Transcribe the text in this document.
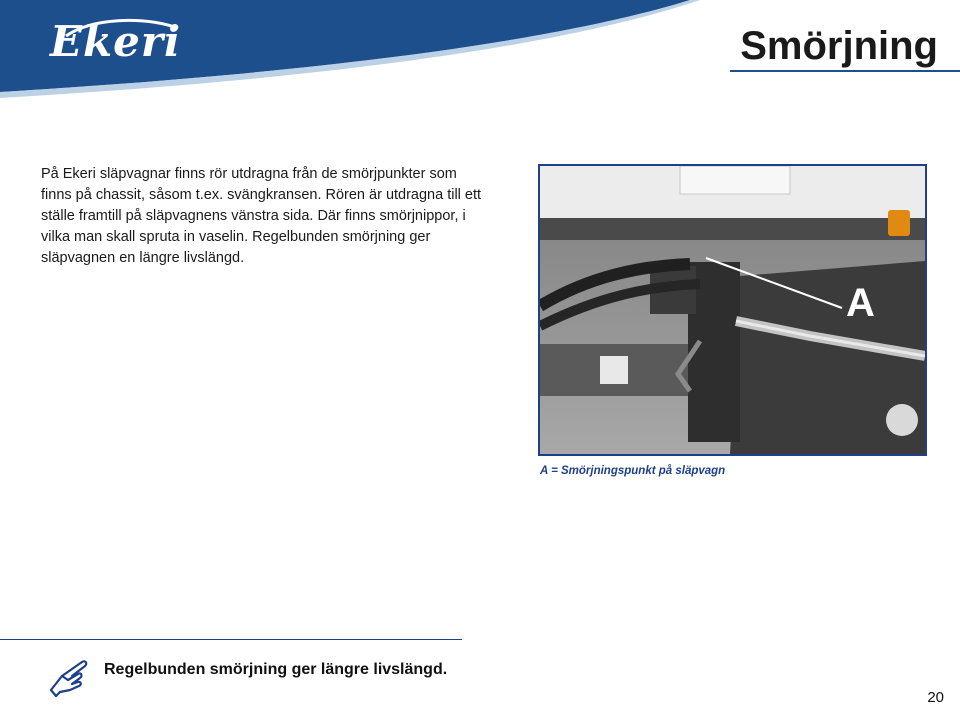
Ekeri	Smörjning

På Ekeri släpvagnar finns rör utdragna från de smörjpunkter som finns på chassit, såsom t.ex. svängkransen. Rören är utdragna till ett ställe framtill på släpvagnens vänstra sida. Där finns smörjnippor, i vilka man skall spruta in vaselin. Regelbunden smörjning ger släpvagnen en längre livslängd.

A
A = Smörjningspunkt på släpvagn
Regelbunden smörjning ger längre livslängd.
20
